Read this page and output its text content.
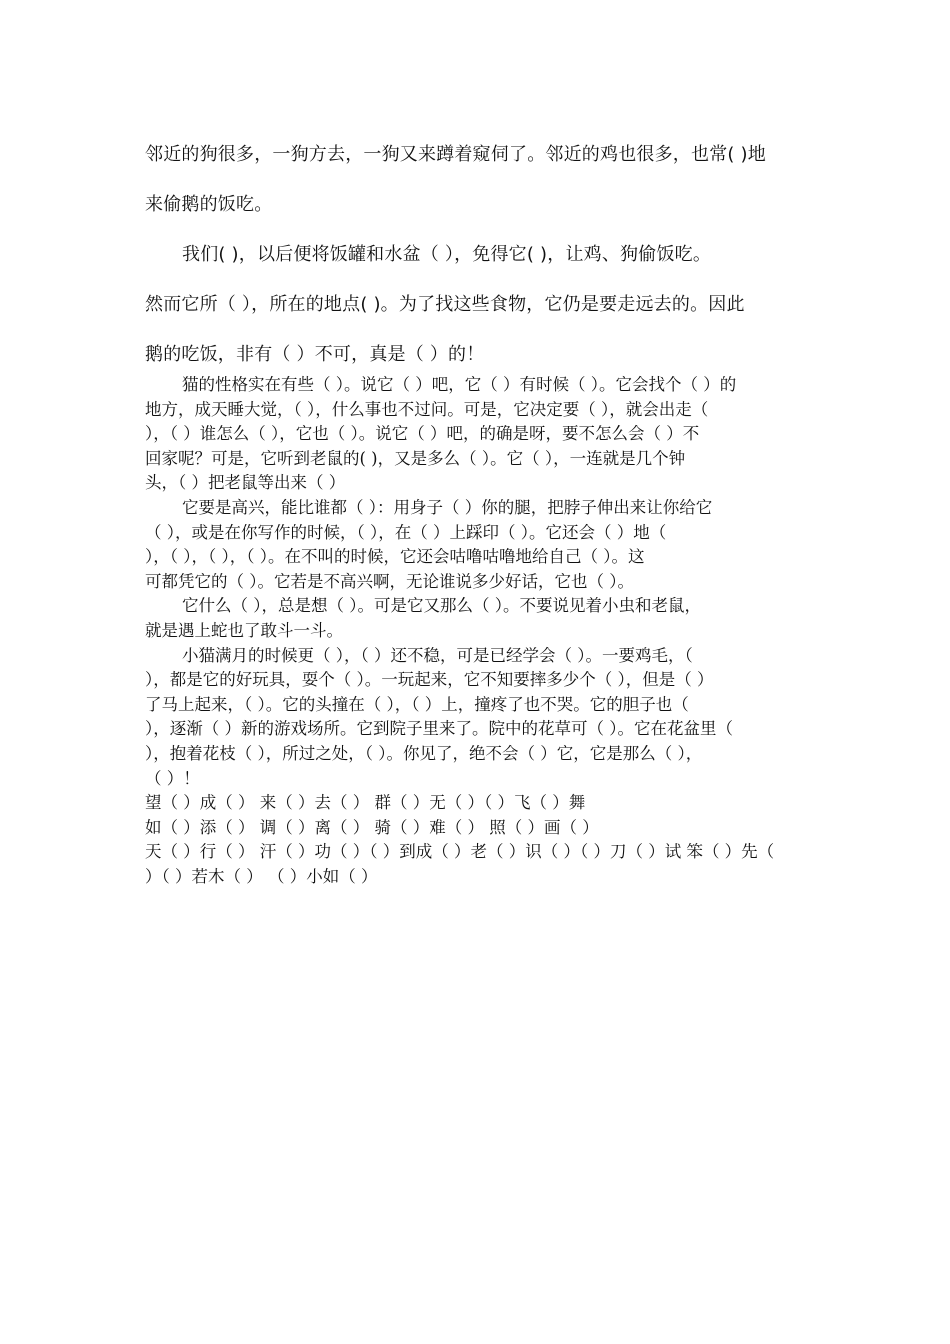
邻近的狗很多，一狗方去，一狗又来蹲着窥伺了。邻近的鸡也很多，也常( )地
来偷鹅的饭吃。
我们( )，以后便将饭罐和水盆（ ），免得它( )，让鸡、狗偷饭吃。
然而它所（ ），所在的地点( )。为了找这些食物，它仍是要走远去的。因此
鹅的吃饭，非有（ ）不可，真是（ ）的！
猫的性格实在有些（ ）。说它（ ）吧，它（ ）有时候（ ）。它会找个（ ）的
地方，成天睡大觉，（ ），什么事也不过问。可是，它决定要（ ），就会出走（
），（ ）谁怎么（ ），它也（ ）。说它（ ）吧，的确是呀，要不怎么会（ ）不
回家呢？可是，它听到老鼠的( )，又是多么（ ）。它（ ），一连就是几个钟
头，（ ）把老鼠等出来（ ）
它要是高兴，能比谁都（ ）：用身子（ ）你的腿，把脖子伸出来让你给它
（ ），或是在你写作的时候，（ ），在（ ）上踩印（ ）。它还会（ ）地（
），（ ），（ ），（ ）。在不叫的时候，它还会咕噜咕噜地给自己（ ）。这
可都凭它的（ ）。它若是不高兴啊，无论谁说多少好话，它也（ ）。
它什么（ ），总是想（ ）。可是它又那么（ ）。不要说见着小虫和老鼠，
就是遇上蛇也了敢斗一斗。
小猫满月的时候更（ ），（ ）还不稳，可是已经学会（ ）。一要鸡毛，（
），都是它的好玩具，耍个（ ）。一玩起来，它不知要摔多少个（ ），但是（ ）
了马上起来，（ ）。它的头撞在（ ），（ ）上，撞疼了也不哭。它的胆子也（
），逐渐（ ）新的游戏场所。它到院子里来了。院中的花草可（ ）。它在花盆里（
），抱着花枝（ ），所过之处，（ ）。你见了，绝不会（ ）它，它是那么（ ），
（ ）！
望（ ）成（ ） 来（ ）去（ ） 群（ ）无（ ）（ ）飞（ ）舞
如（ ）添（ ） 调（ ）离（ ） 骑（ ）难（ ） 照（ ）画（ ）
天（ ）行（ ） 汗（ ）功（ ）（ ）到成（ ）老（ ）识（ ）（ ）刀（ ）试 笨（ ）先（
）（ ）若木（ ） （ ）小如（ ）
